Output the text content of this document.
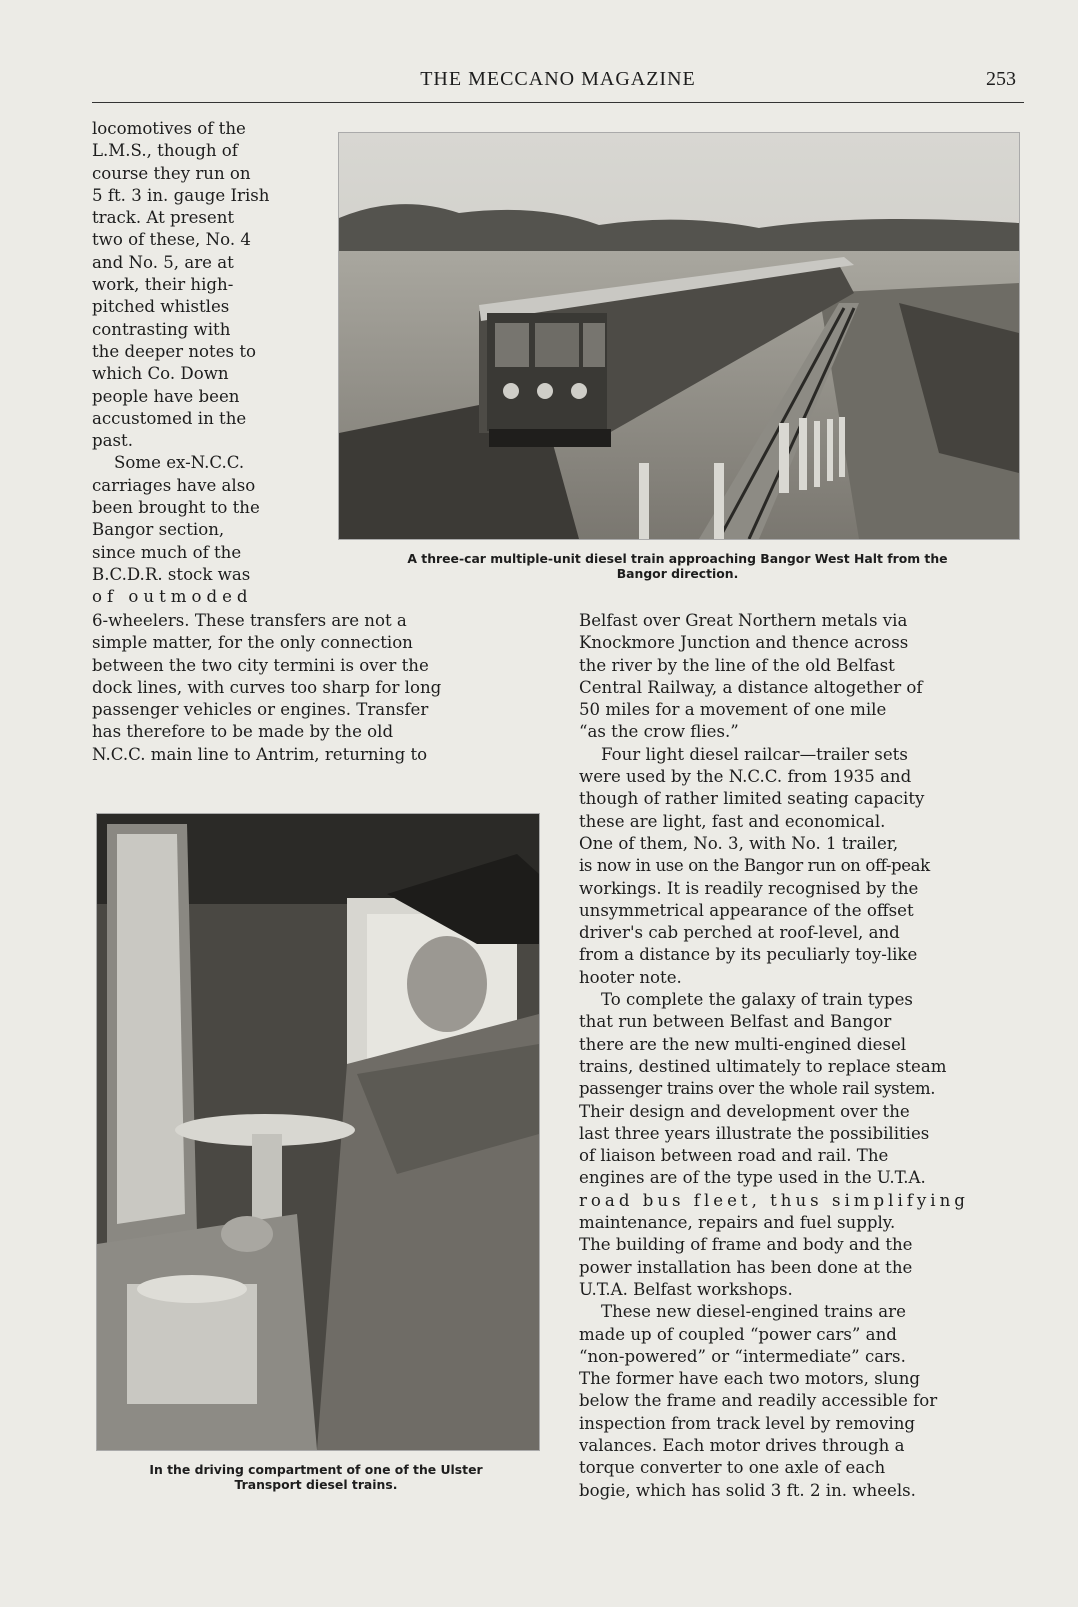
THE MECCANO MAGAZINE	253
locomotives of the
L.M.S., though of
course they run on
5 ft. 3 in. gauge Irish
track. At present
two of these, No. 4
and No. 5, are at
work, their high-
pitched whistles
contrasting with
the deeper notes to
which Co. Down
people have been
accustomed in the
past.
Some ex-N.C.C.
carriages have also
been brought to the
Bangor section,
since much of the
B.C.D.R. stock was
of outmoded
A three-car multiple-unit diesel train approaching Bangor West Halt from the
Bangor direction.
6-wheelers. These transfers are not a
simple matter, for the only connection
between the two city termini is over the
dock lines, with curves too sharp for long
passenger vehicles or engines. Transfer
has therefore to be made by the old
N.C.C. main line to Antrim, returning to
In the driving compartment of one of the Ulster
Transport diesel trains.
Belfast over Great Northern metals via
Knockmore Junction and thence across
the river by the line of the old Belfast
Central Railway, a distance altogether of
50 miles for a movement of one mile
“as the crow flies.”
Four light diesel railcar—trailer sets
were used by the N.C.C. from 1935 and
though of rather limited seating capacity
these are light, fast and economical.
One of them, No. 3, with No. 1 trailer,
is now in use on the Bangor run on off-peak
workings. It is readily recognised by the
unsymmetrical appearance of the offset
driver's cab perched at roof-level, and
from a distance by its peculiarly toy-like
hooter note.
To complete the galaxy of train types
that run between Belfast and Bangor
there are the new multi-engined diesel
trains, destined ultimately to replace steam
passenger trains over the whole rail system.
Their design and development over the
last three years illustrate the possibilities
of liaison between road and rail. The
engines are of the type used in the U.T.A.
road bus fleet, thus simplifying
maintenance, repairs and fuel supply.
The building of frame and body and the
power installation has been done at the
U.T.A. Belfast workshops.
These new diesel-engined trains are
made up of coupled “power cars” and
“non-powered” or “intermediate” cars.
The former have each two motors, slung
below the frame and readily accessible for
inspection from track level by removing
valances. Each motor drives through a
torque converter to one axle of each
bogie, which has solid 3 ft. 2 in. wheels.
